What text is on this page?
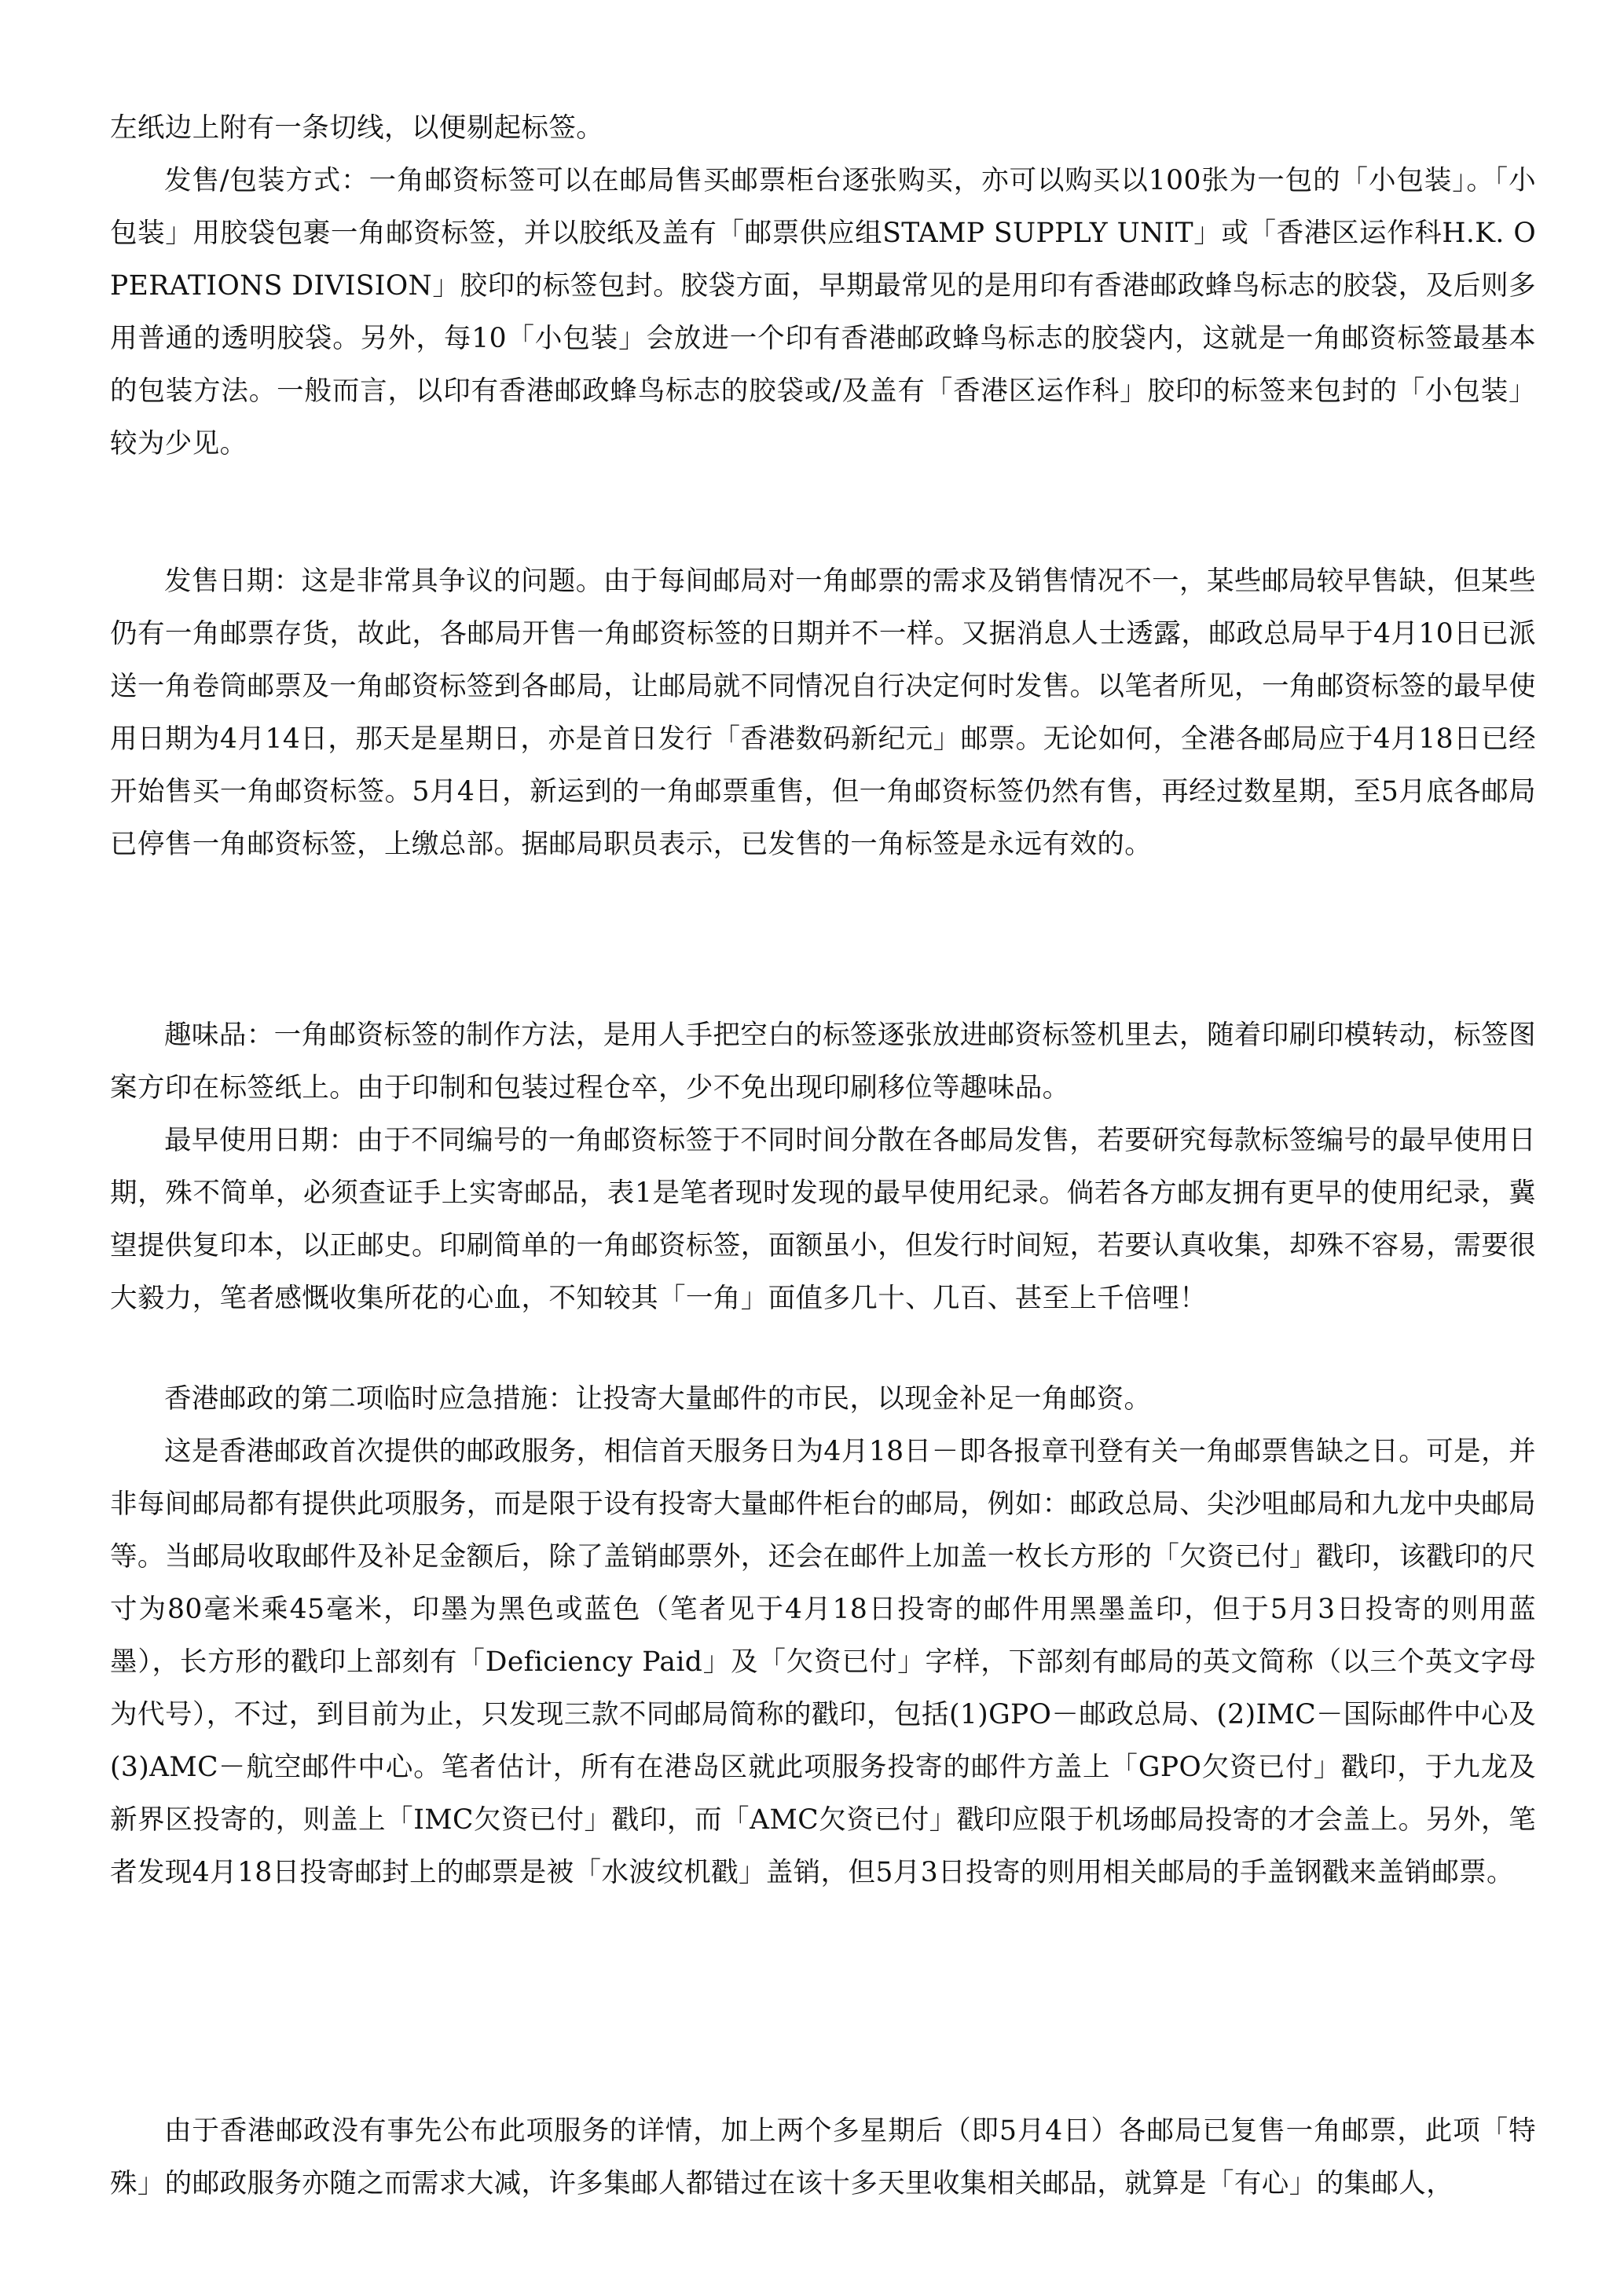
左纸边上附有一条切线，以便剔起标签。

发售/包装方式：一角邮资标签可以在邮局售买邮票柜台逐张购买，亦可以购买以100张为一包的「小包装」。「小包装」用胶袋包裹一角邮资标签，并以胶纸及盖有「邮票供应组STAMP SUPPLY UNIT」或「香港区运作科H.K. OPERATIONS DIVISION」胶印的标签包封。胶袋方面，早期最常见的是用印有香港邮政蜂鸟标志的胶袋，及后则多用普通的透明胶袋。另外，每10「小包装」会放进一个印有香港邮政蜂鸟标志的胶袋内，这就是一角邮资标签最基本的包装方法。一般而言，以印有香港邮政蜂鸟标志的胶袋或/及盖有「香港区运作科」胶印的标签来包封的「小包装」较为少见。

发售日期：这是非常具争议的问题。由于每间邮局对一角邮票的需求及销售情况不一，某些邮局较早售缺，但某些仍有一角邮票存货，故此，各邮局开售一角邮资标签的日期并不一样。又据消息人士透露，邮政总局早于4月10日已派送一角卷筒邮票及一角邮资标签到各邮局，让邮局就不同情况自行决定何时发售。以笔者所见，一角邮资标签的最早使用日期为4月14日，那天是星期日，亦是首日发行「香港数码新纪元」邮票。无论如何，全港各邮局应于4月18日已经开始售买一角邮资标签。5月4日，新运到的一角邮票重售，但一角邮资标签仍然有售，再经过数星期，至5月底各邮局已停售一角邮资标签，上缴总部。据邮局职员表示，已发售的一角标签是永远有效的。

趣味品：一角邮资标签的制作方法，是用人手把空白的标签逐张放进邮资标签机里去，随着印刷印模转动，标签图案方印在标签纸上。由于印制和包装过程仓卒，少不免出现印刷移位等趣味品。

最早使用日期：由于不同编号的一角邮资标签于不同时间分散在各邮局发售，若要研究每款标签编号的最早使用日期，殊不简单，必须查证手上实寄邮品，表1是笔者现时发现的最早使用纪录。倘若各方邮友拥有更早的使用纪录，冀望提供复印本，以正邮史。印刷简单的一角邮资标签，面额虽小，但发行时间短，若要认真收集，却殊不容易，需要很大毅力，笔者感慨收集所花的心血，不知较其「一角」面值多几十、几百、甚至上千倍哩！

香港邮政的第二项临时应急措施：让投寄大量邮件的市民，以现金补足一角邮资。

这是香港邮政首次提供的邮政服务，相信首天服务日为4月18日－即各报章刊登有关一角邮票售缺之日。可是，并非每间邮局都有提供此项服务，而是限于设有投寄大量邮件柜台的邮局，例如：邮政总局、尖沙咀邮局和九龙中央邮局等。当邮局收取邮件及补足金额后，除了盖销邮票外，还会在邮件上加盖一枚长方形的「欠资已付」戳印，该戳印的尺寸为80毫米乘45毫米，印墨为黑色或蓝色（笔者见于4月18日投寄的邮件用黑墨盖印，但于5月3日投寄的则用蓝墨），长方形的戳印上部刻有「Deficiency Paid」及「欠资已付」字样，下部刻有邮局的英文简称（以三个英文字母为代号），不过，到目前为止，只发现三款不同邮局简称的戳印，包括(1)GPO－邮政总局、(2)IMC－国际邮件中心及(3)AMC－航空邮件中心。笔者估计，所有在港岛区就此项服务投寄的邮件方盖上「GPO欠资已付」戳印，于九龙及新界区投寄的，则盖上「IMC欠资已付」戳印，而「AMC欠资已付」戳印应限于机场邮局投寄的才会盖上。另外，笔者发现4月18日投寄邮封上的邮票是被「水波纹机戳」盖销，但5月3日投寄的则用相关邮局的手盖钢戳来盖销邮票。

由于香港邮政没有事先公布此项服务的详情，加上两个多星期后（即5月4日）各邮局已复售一角邮票，此项「特殊」的邮政服务亦随之而需求大减，许多集邮人都错过在该十多天里收集相关邮品，就算是「有心」的集邮人，
